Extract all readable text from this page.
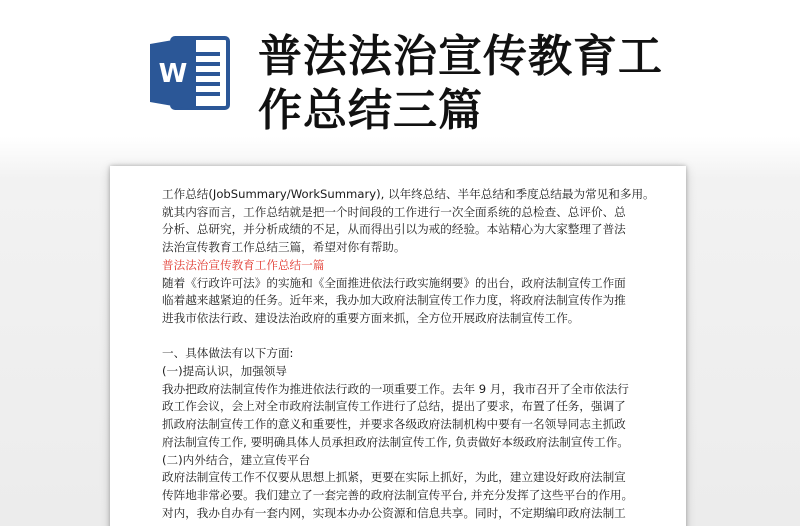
W 普法法治宣传教育工
作总结三篇

工作总结(JobSummary/WorkSummary), 以年终总结、半年总结和季度总结最为常见和多用。

就其内容而言，工作总结就是把一个时间段的工作进行一次全面系统的总检查、总评价、总

分析、总研究，并分析成绩的不足，从而得出引以为戒的经验。本站精心为大家整理了普法

法治宣传教育工作总结三篇，希望对你有帮助。

普法法治宣传教育工作总结一篇

随着《行政许可法》的实施和《全面推进依法行政实施纲要》的出台，政府法制宣传工作面

临着越来越紧迫的任务。近年来，我办加大政府法制宣传工作力度，将政府法制宣传作为推

进我市依法行政、建设法治政府的重要方面来抓，全方位开展政府法制宣传工作。

一、具体做法有以下方面:

(一)提高认识，加强领导

我办把政府法制宣传作为推进依法行政的一项重要工作。去年 9 月，我市召开了全市依法行

政工作会议，会上对全市政府法制宣传工作进行了总结，提出了要求，布置了任务，强调了

抓政府法制宣传工作的意义和重要性，并要求各级政府法制机构中要有一名领导同志主抓政

府法制宣传工作, 要明确具体人员承担政府法制宣传工作, 负责做好本级政府法制宣传工作。

(二)内外结合，建立宣传平台

政府法制宣传工作不仅要从思想上抓紧，更要在实际上抓好，为此，建立建设好政府法制宣

传阵地非常必要。我们建立了一套完善的政府法制宣传平台, 并充分发挥了这些平台的作用。

对内，我办自办有一套内网，实现本办办公资源和信息共享。同时，不定期编印政府法制工
